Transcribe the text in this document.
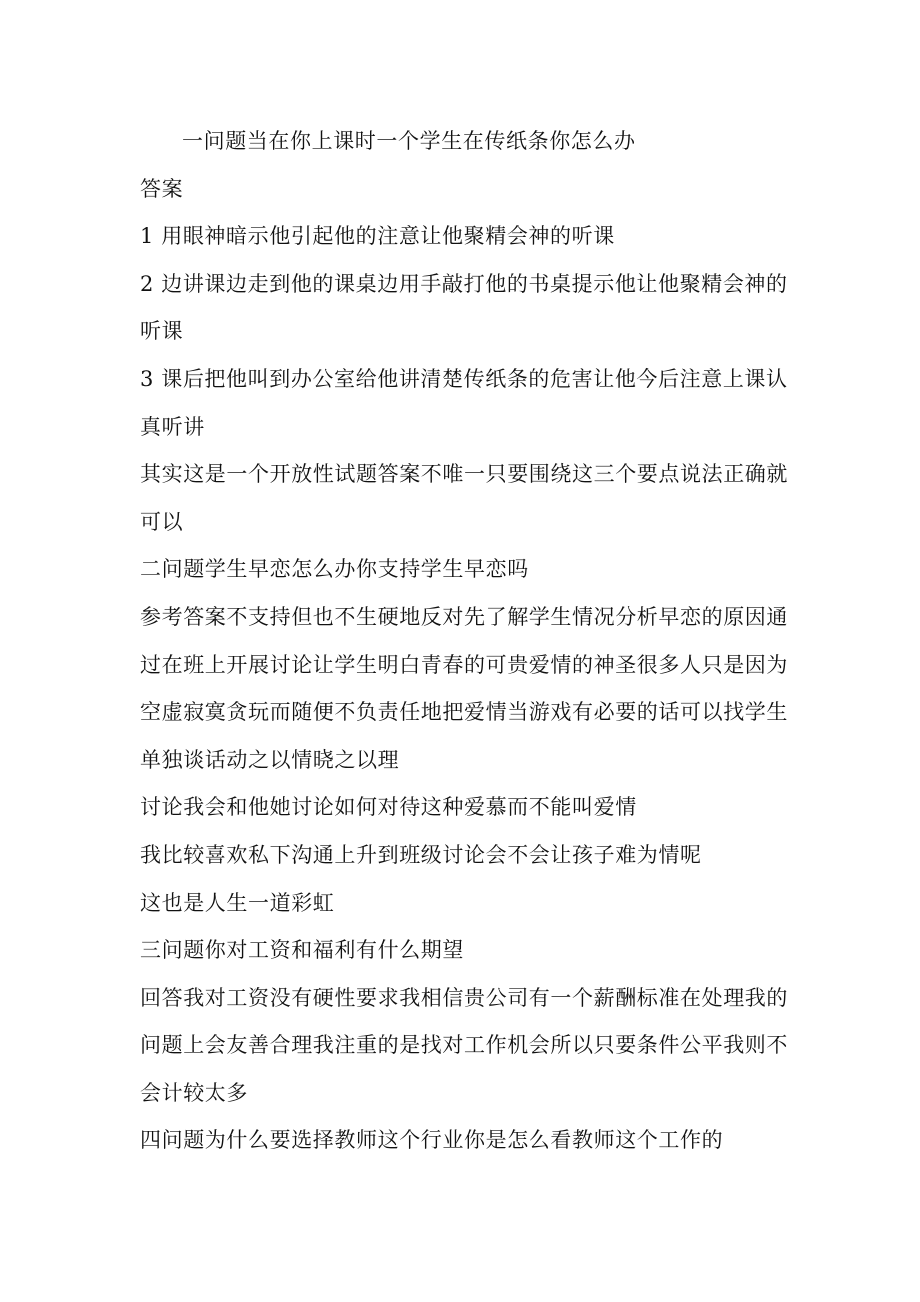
一问题当在你上课时一个学生在传纸条你怎么办

答案

1 用眼神暗示他引起他的注意让他聚精会神的听课

2 边讲课边走到他的课桌边用手敲打他的书桌提示他让他聚精会神的听课

3 课后把他叫到办公室给他讲清楚传纸条的危害让他今后注意上课认真听讲

其实这是一个开放性试题答案不唯一只要围绕这三个要点说法正确就可以

二问题学生早恋怎么办你支持学生早恋吗

参考答案不支持但也不生硬地反对先了解学生情况分析早恋的原因通过在班上开展讨论让学生明白青春的可贵爱情的神圣很多人只是因为空虚寂寞贪玩而随便不负责任地把爱情当游戏有必要的话可以找学生单独谈话动之以情晓之以理

讨论我会和他她讨论如何对待这种爱慕而不能叫爱情

我比较喜欢私下沟通上升到班级讨论会不会让孩子难为情呢

这也是人生一道彩虹

三问题你对工资和福利有什么期望

回答我对工资没有硬性要求我相信贵公司有一个薪酬标准在处理我的问题上会友善合理我注重的是找对工作机会所以只要条件公平我则不会计较太多

四问题为什么要选择教师这个行业你是怎么看教师这个工作的
